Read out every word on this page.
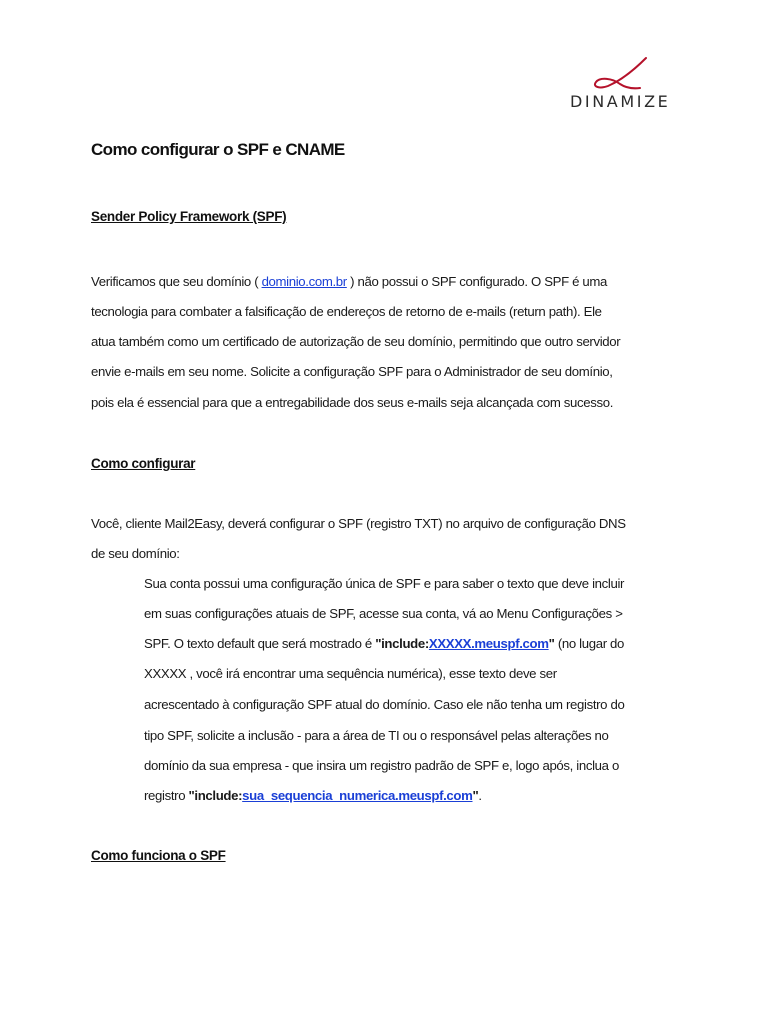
DINAMIZE
Como configurar o SPF e CNAME
Sender Policy Framework (SPF)
Verificamos que seu domínio ( dominio.com.br ) não possui o SPF configurado. O SPF é uma
tecnologia para combater a falsificação de endereços de retorno de e-mails (return path). Ele
atua também como um certificado de autorização de seu domínio, permitindo que outro servidor
envie e-mails em seu nome. Solicite a configuração SPF para o Administrador de seu domínio,
pois ela é essencial para que a entregabilidade dos seus e-mails seja alcançada com sucesso.
Como configurar
Você, cliente Mail2Easy, deverá configurar o SPF (registro TXT) no arquivo de configuração DNS
de seu domínio:
Sua conta possui uma configuração única de SPF e para saber o texto que deve incluir
em suas configurações atuais de SPF, acesse sua conta, vá ao Menu Configurações >
SPF. O texto default que será mostrado é "include:XXXXX.meuspf.com" (no lugar do
XXXXX , você irá encontrar uma sequência numérica), esse texto deve ser
acrescentado à configuração SPF atual do domínio. Caso ele não tenha um registro do
tipo SPF, solicite a inclusão - para a área de TI ou o responsável pelas alterações no
domínio da sua empresa - que insira um registro padrão de SPF e, logo após, inclua o
registro "include:sua_sequencia_numerica.meuspf.com".
Como funciona o SPF
